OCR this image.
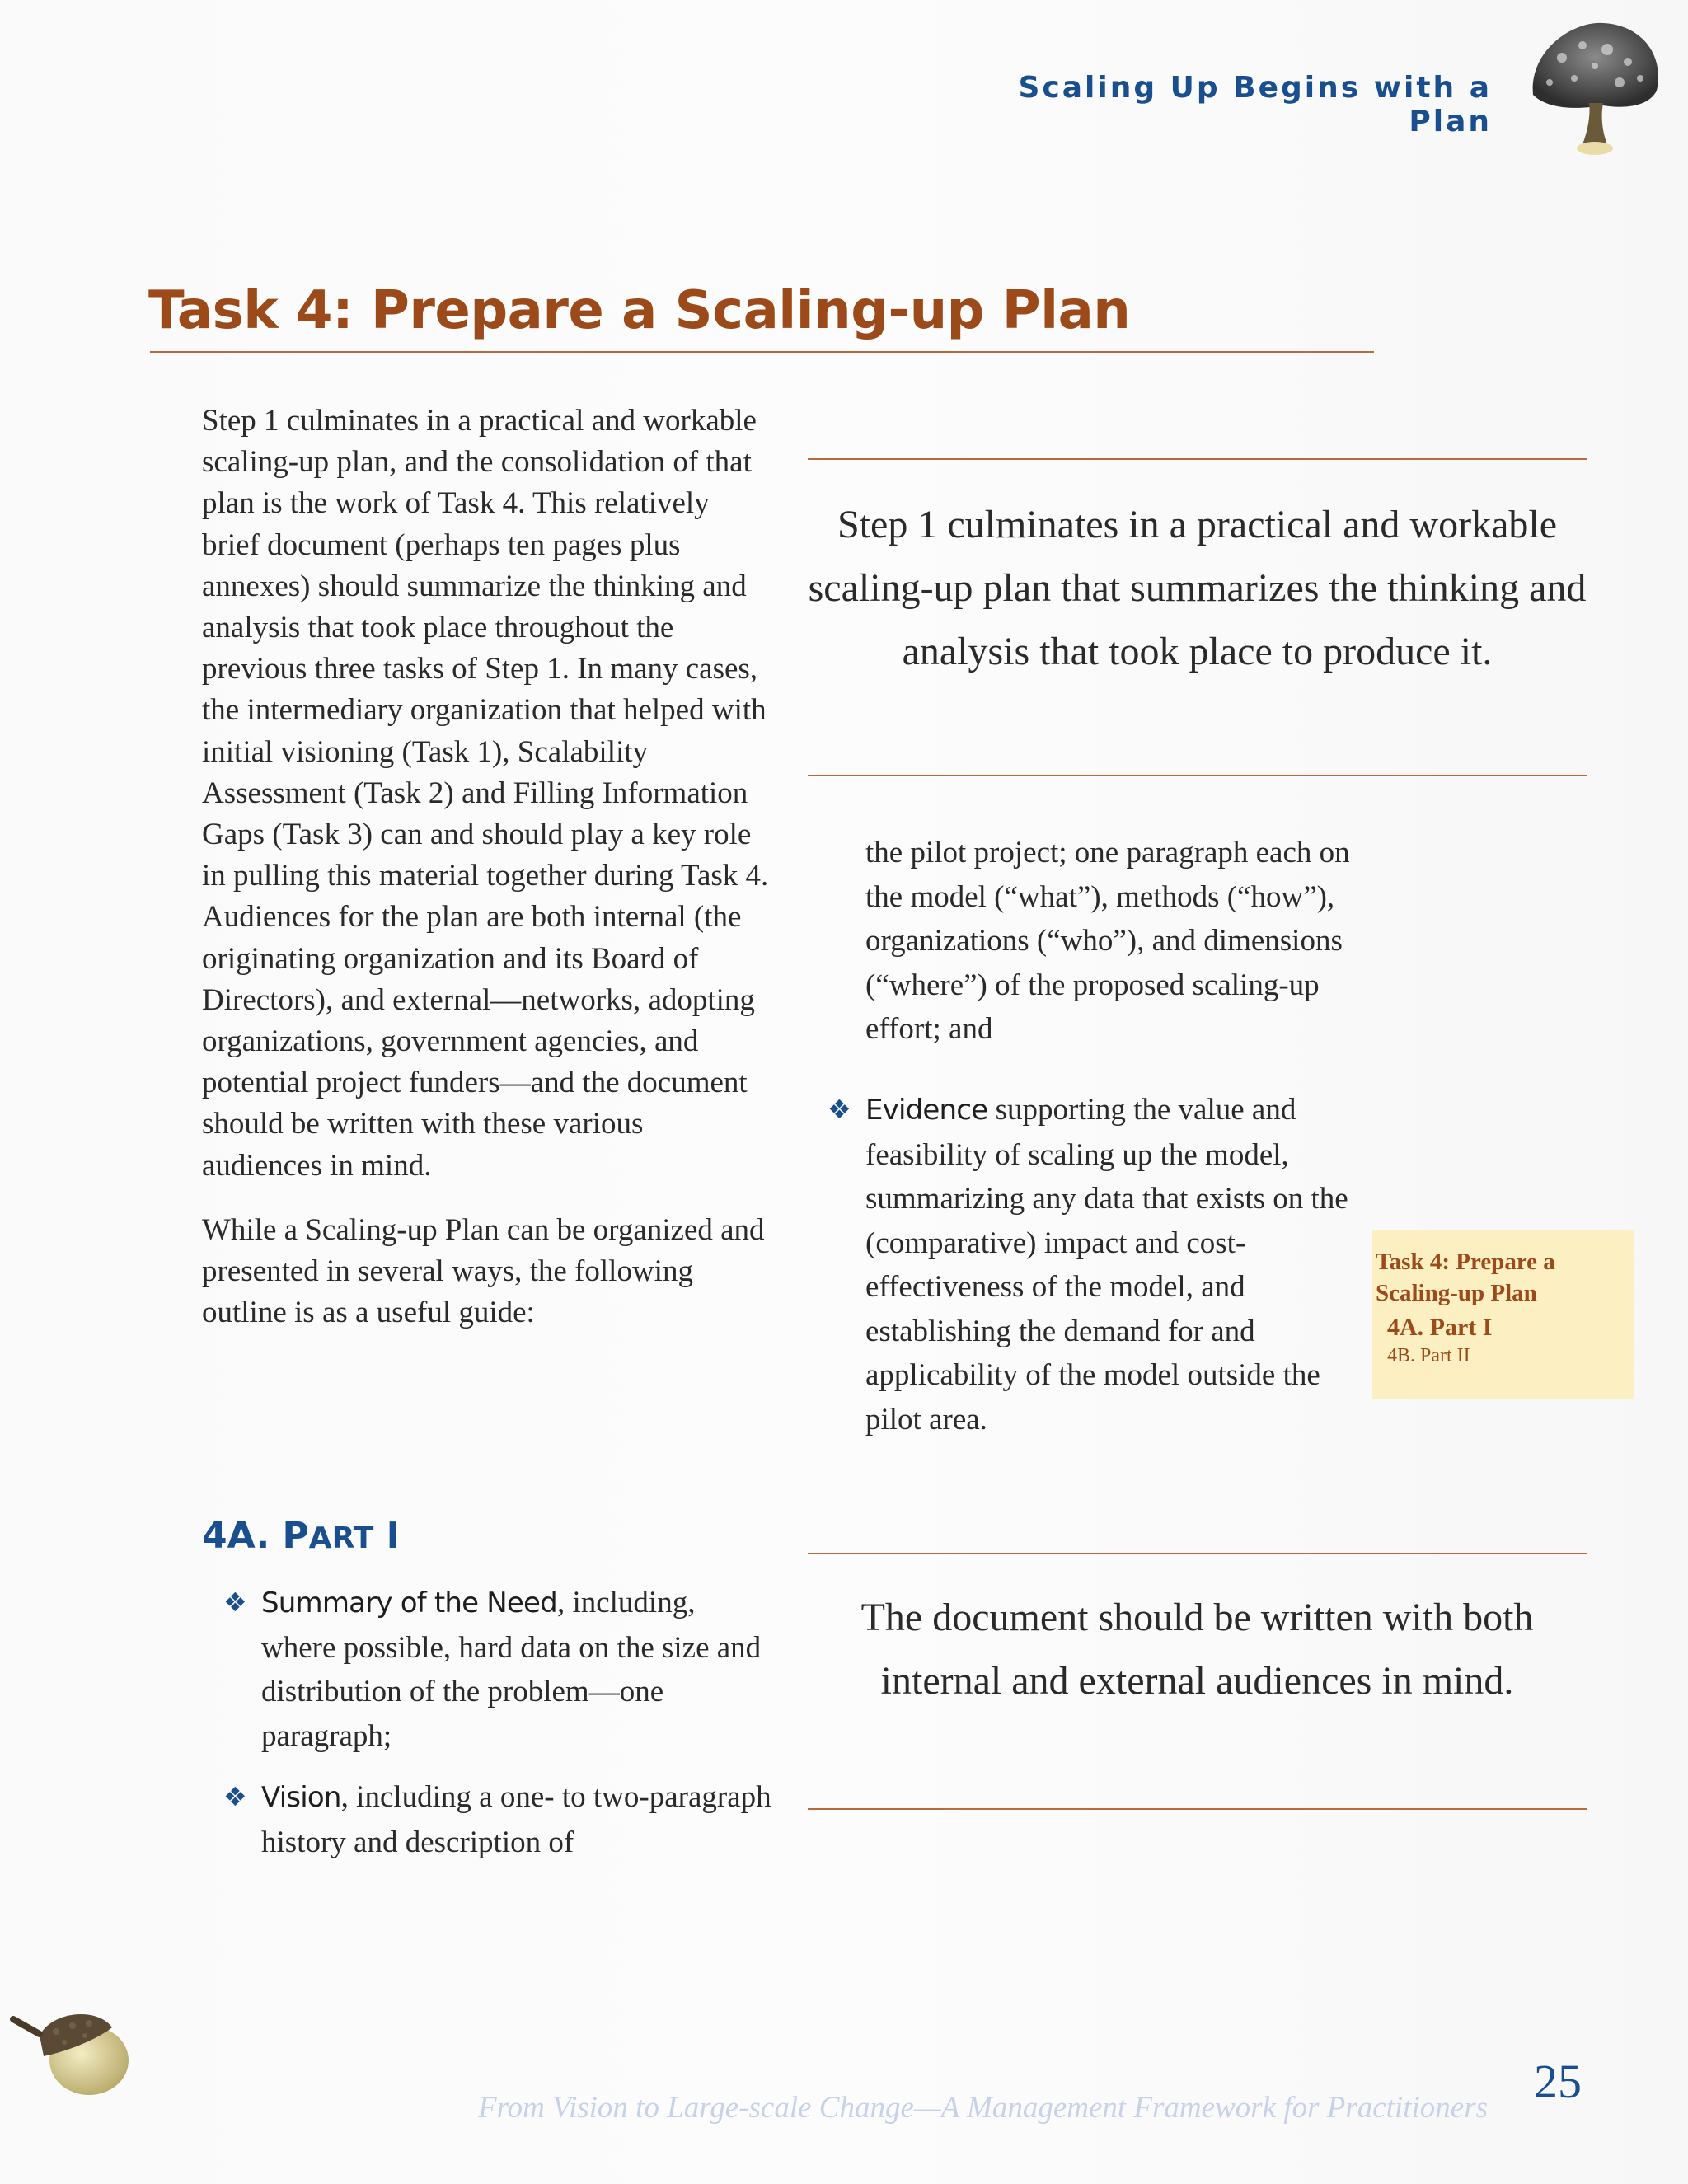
Scaling Up Begins with a Plan
Task 4: Prepare a Scaling-up Plan

Step 1 culminates in a practical and workable scaling-up plan, and the consolidation of that plan is the work of Task 4. This relatively brief document (perhaps ten pages plus annexes) should summarize the thinking and analysis that took place throughout the previous three tasks of Step 1. In many cases, the intermediary organization that helped with initial visioning (Task 1), Scalability Assessment (Task 2) and Filling Information Gaps (Task 3) can and should play a key role in pulling this material together during Task 4. Audiences for the plan are both internal (the originating organization and its Board of Directors), and external—networks, adopting organizations, government agencies, and potential project funders—and the document should be written with these various audiences in mind.

While a Scaling-up Plan can be organized and presented in several ways, the following outline is as a useful guide:

4A. PART I
❖ Summary of the Need, including, where possible, hard data on the size and distribution of the problem—one paragraph;
❖ Vision, including a one- to two-paragraph history and description of
Step 1 culminates in a practical and workable scaling-up plan that summarizes the thinking and analysis that took place to produce it.
the pilot project; one paragraph each on the model (“what”), methods (“how”), organizations (“who”), and dimensions (“where”) of the proposed scaling-up effort; and
❖ Evidence supporting the value and feasibility of scaling up the model, summarizing any data that exists on the (comparative) impact and cost-effectiveness of the model, and establishing the demand for and applicability of the model outside the pilot area.
The document should be written with both internal and external audiences in mind.
Task 4: Prepare a Scaling-up Plan
4A. Part I
4B. Part II
From Vision to Large-scale Change—A Management Framework for Practitioners 25
